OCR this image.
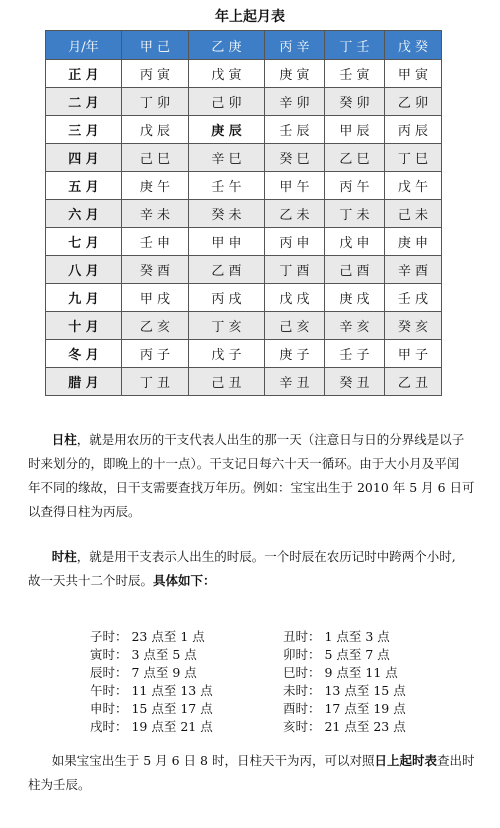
年上起月表
月/年	甲 己	乙 庚	丙 辛	丁 壬	戊 癸
正 月	丙 寅	戊 寅	庚 寅	壬 寅	甲 寅
二 月	丁 卯	己 卯	辛 卯	癸 卯	乙 卯
三 月	戊 辰	庚 辰	壬 辰	甲 辰	丙 辰
四 月	己 巳	辛 巳	癸 巳	乙 巳	丁 巳
五 月	庚 午	壬 午	甲 午	丙 午	戊 午
六 月	辛 未	癸 未	乙 未	丁 未	己 未
七 月	壬 申	甲 申	丙 申	戊 申	庚 申
八 月	癸 酉	乙 酉	丁 酉	己 酉	辛 酉
九 月	甲 戌	丙 戌	戊 戌	庚 戌	壬 戌
十 月	乙 亥	丁 亥	己 亥	辛 亥	癸 亥
冬 月	丙 子	戊 子	庚 子	壬 子	甲 子
腊 月	丁 丑	己 丑	辛 丑	癸 丑	乙 丑
日柱，就是用农历的干支代表人出生的那一天（注意日与日的分界线是以子
时来划分的，即晚上的十一点）。干支记日每六十天一循环。由于大小月及平闰
年不同的缘故，日干支需要查找万年历。例如：宝宝出生于 2010 年 5 月 6 日可
以查得日柱为丙辰。
时柱，就是用干支表示人出生的时辰。一个时辰在农历记时中跨两个小时,
故一天共十二个时辰。具体如下：
子时： 23 点至 1 点	丑时： 1 点至 3 点
寅时： 3 点至 5 点	卯时： 5 点至 7 点
辰时： 7 点至 9 点	巳时： 9 点至 11 点
午时： 11 点至 13 点	未时： 13 点至 15 点
申时： 15 点至 17 点	酉时： 17 点至 19 点
戌时： 19 点至 21 点	亥时： 21 点至 23 点
如果宝宝出生于 5 月 6 日 8 时，日柱天干为丙，可以对照日上起时表查出时
柱为壬辰。
